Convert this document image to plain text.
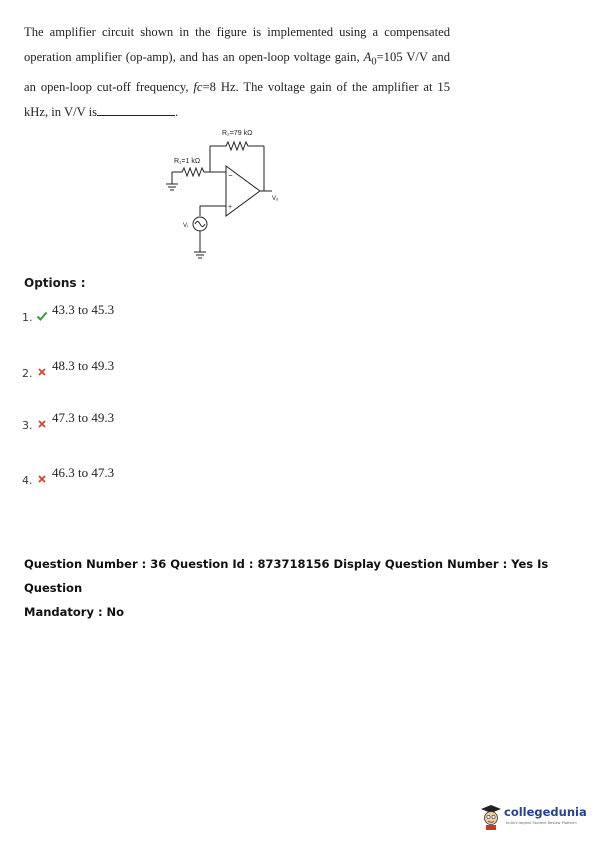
The amplifier circuit shown in the figure is implemented using a compensated operation amplifier (op-amp), and has an open-loop voltage gain, $A_0=105$ V/V and an open-loop cut-off frequency, fc=8 Hz. The voltage gain of the amplifier at 15 kHz, in V/V is	.
R₂=79 kΩ
R₁=1 kΩ
−
+
Vₒ
Vᵢ
Options :
1.
43.3 to 45.3
2.
48.3 to 49.3
3.
47.3 to 49.3
4.
46.3 to 47.3
Question Number : 36 Question Id : 873718156 Display Question Number : Yes Is Question
Mandatory : No
collegedunia
India's largest Student Review Platform
